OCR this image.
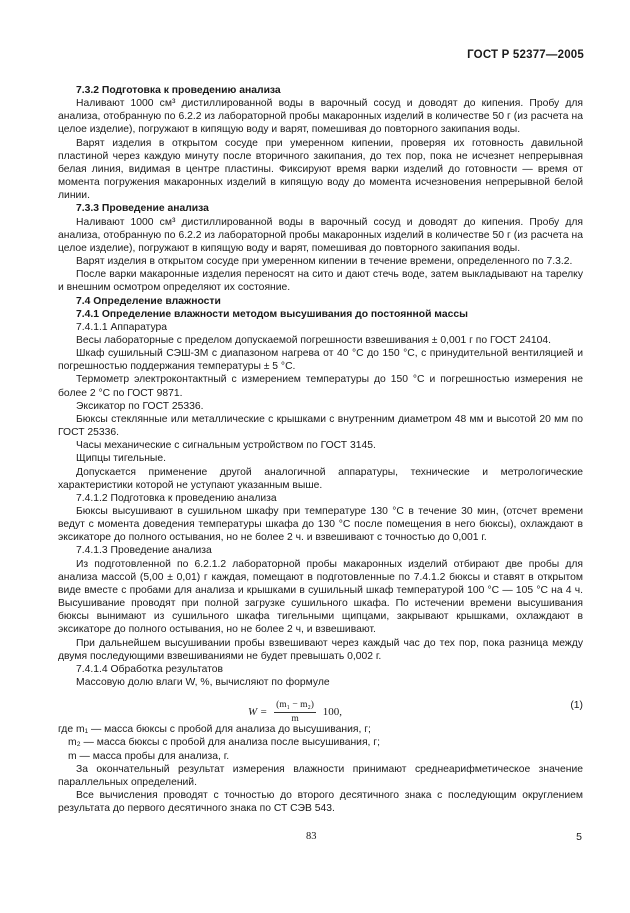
ГОСТ Р 52377—2005

7.3.2 Подготовка к проведению анализа

Наливают 1000 см³ дистиллированной воды в варочный сосуд и доводят до кипения. Пробу для анализа, отобранную по 6.2.2 из лабораторной пробы макаронных изделий в количестве 50 г (из расчета на целое изделие), погружают в кипящую воду и варят, помешивая до повторного закипания воды.

Варят изделия в открытом сосуде при умеренном кипении, проверяя их готовность давильной пластиной через каждую минуту после вторичного закипания, до тех пор, пока не исчезнет непрерывная белая линия, видимая в центре пластины. Фиксируют время варки изделий до готовности — время от момента погружения макаронных изделий в кипящую воду до момента исчезновения непрерывной белой линии.

7.3.3 Проведение анализа

Наливают 1000 см³ дистиллированной воды в варочный сосуд и доводят до кипения. Пробу для анализа, отобранную по 6.2.2 из лабораторной пробы макаронных изделий в количестве 50 г (из расчета на целое изделие), погружают в кипящую воду и варят, помешивая до повторного закипания воды.

Варят изделия в открытом сосуде при умеренном кипении в течение времени, определенного по 7.3.2.

После варки макаронные изделия переносят на сито и дают стечь воде, затем выкладывают на тарелку и внешним осмотром определяют их состояние.

7.4 Определение влажности

7.4.1 Определение влажности методом высушивания до постоянной массы

7.4.1.1 Аппаратура

Весы лабораторные с пределом допускаемой погрешности взвешивания ± 0,001 г по ГОСТ 24104.

Шкаф сушильный СЭШ-3М с диапазоном нагрева от 40 °С до 150 °С, с принудительной вентиляцией и погрешностью поддержания температуры ± 5 °С.

Термометр электроконтактный с измерением температуры до 150 °С и погрешностью измерения не более 2 °С по ГОСТ 9871.

Эксикатор по ГОСТ 25336.

Бюксы стеклянные или металлические с крышками с внутренним диаметром 48 мм и высотой 20 мм по ГОСТ 25336.

Часы механические с сигнальным устройством по ГОСТ 3145.

Щипцы тигельные.

Допускается применение другой аналогичной аппаратуры, технические и метрологические характеристики которой не уступают указанным выше.

7.4.1.2 Подготовка к проведению анализа

Бюксы высушивают в сушильном шкафу при температуре 130 °С в течение 30 мин, (отсчет времени ведут с момента доведения температуры шкафа до 130 °С после помещения в него бюксы), охлаждают в эксикаторе до полного остывания, но не более 2 ч. и взвешивают с точностью до 0,001 г.

7.4.1.3 Проведение анализа

Из подготовленной по 6.2.1.2 лабораторной пробы макаронных изделий отбирают две пробы для анализа массой (5,00 ± 0,01) г каждая, помещают в подготовленные по 7.4.1.2 бюксы и ставят в открытом виде вместе с пробами для анализа и крышками в сушильный шкаф температурой 100 °С — 105 °С на 4 ч. Высушивание проводят при полной загрузке сушильного шкафа. По истечении времени высушивания бюксы вынимают из сушильного шкафа тигельными щипцами, закрывают крышками, охлаждают в эксикаторе до полного остывания, но не более 2 ч, и взвешивают.

При дальнейшем высушивании пробы взвешивают через каждый час до тех пор, пока разница между двумя последующими взвешиваниями не будет превышать 0,002 г.

7.4.1.4 Обработка результатов

Массовую долю влаги W, %, вычисляют по формуле

$W = \frac{\text{(m₁ − m₂)}}{m} 100$,
(1)

где m₁ — масса бюксы с пробой для анализа до высушивания, г;

m₂ — масса бюксы с пробой для анализа после высушивания, г;

m — масса пробы для анализа, г.

За окончательный результат измерения влажности принимают среднеарифметическое значение параллельных определений.

Все вычисления проводят с точностью до второго десятичного знака с последующим округлением результата до первого десятичного знака по СТ СЭВ 543.

83	5
